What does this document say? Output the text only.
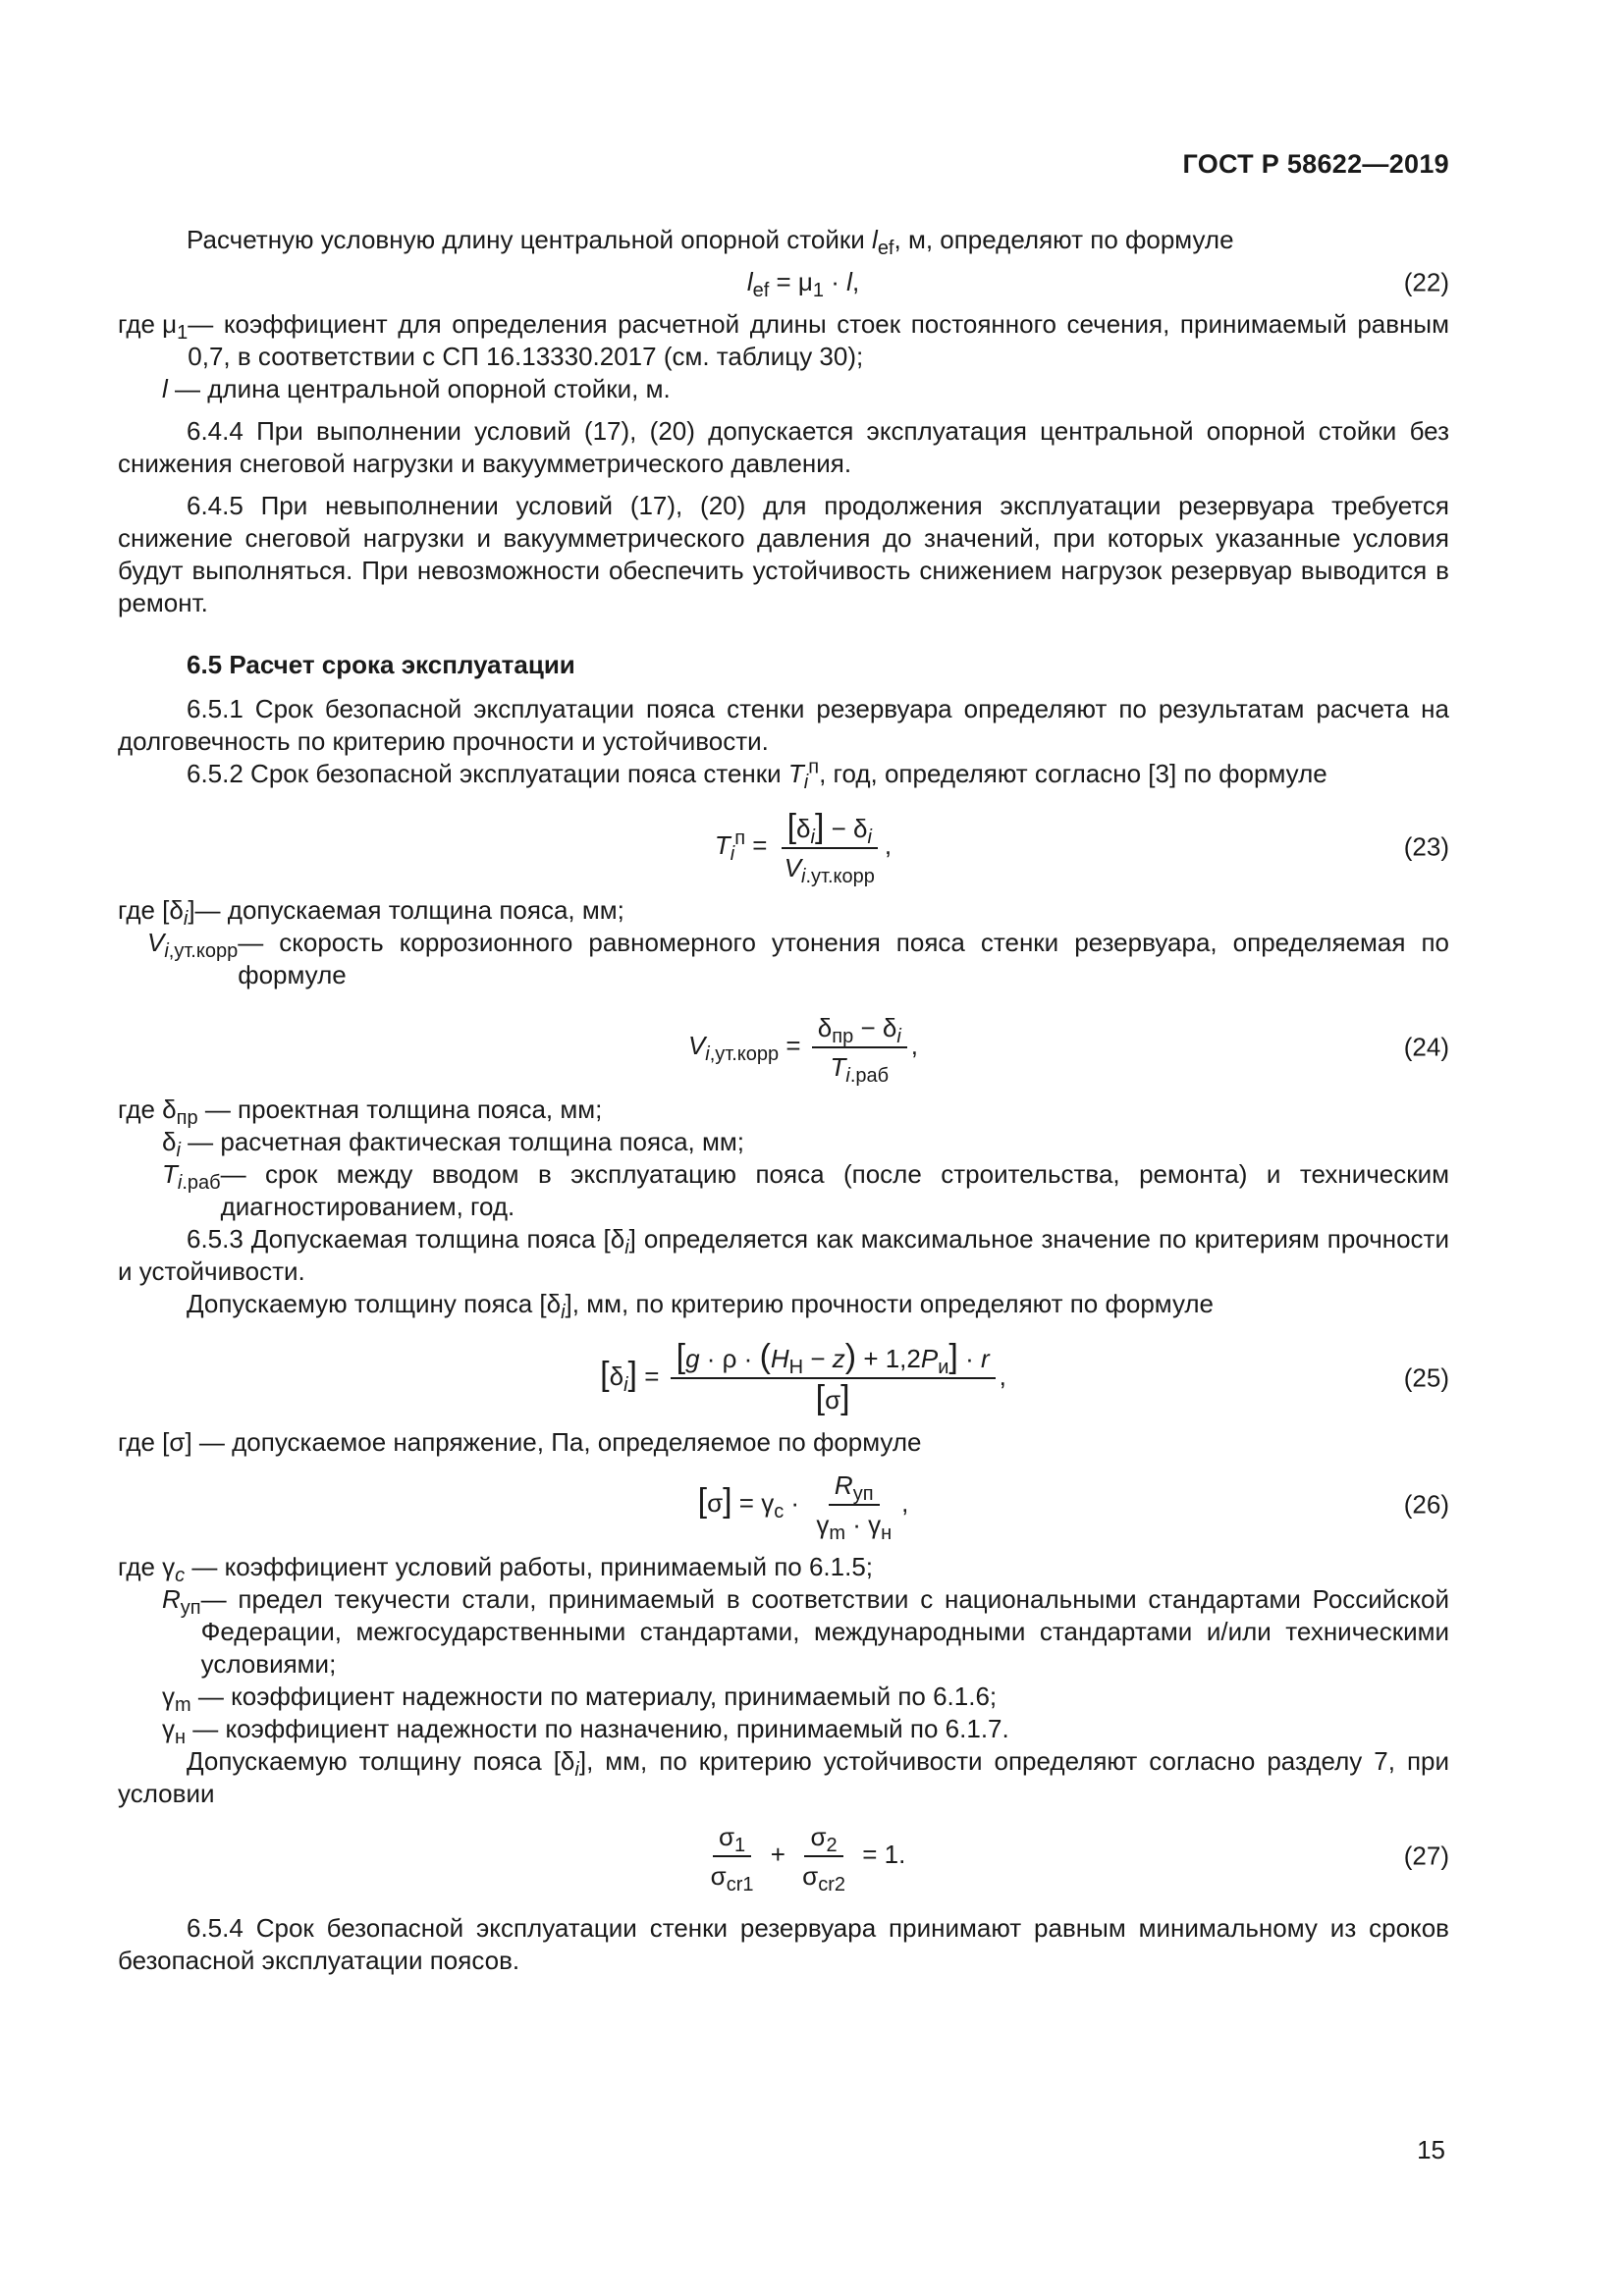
ГОСТ Р 58622—2019

Расчетную условную длину центральной опорной стойки $l_{ef}$, м, определяют по формуле

$l_{ef} = \mu_1 \cdot l$,	(22)
где $\mu_1$ — коэффициент для определения расчетной длины стоек постоянного сечения, принимаемый равным 0,7, в соответствии с СП 16.13330.2017 (см. таблицу 30);

l — длина центральной опорной стойки, м.

6.4.4 При выполнении условий (17), (20) допускается эксплуатация центральной опорной стойки без снижения снеговой нагрузки и вакуумметрического давления.

6.4.5 При невыполнении условий (17), (20) для продолжения эксплуатации резервуара требуется снижение снеговой нагрузки и вакуумметрического давления до значений, при которых указанные условия будут выполняться. При невозможности обеспечить устойчивость снижением нагрузок резервуар выводится в ремонт.

6.5 Расчет срока эксплуатации

6.5.1 Срок безопасной эксплуатации пояса стенки резервуара определяют по результатам расчета на долговечность по критерию прочности и устойчивости.

6.5.2 Срок безопасной эксплуатации пояса стенки $T_i^п$, год, определяют согласно [3] по формуле

$T_i^п = \frac{[\delta_i] - \delta_i}{V_{i.ут.корр}}$ ,	(23)

где $[\delta_i]—$ допускаемая толщина пояса, мм;

$V_{i,ут.корр}$ — скорость коррозионного равномерного утонения пояса стенки резервуара, определяемая по формуле
$V_{i,ут.корр} = \frac{\delta_{пр} - \delta_i}{T_{i.раб}}$ ,	(24)

где $\delta_{пр}$ — проектная толщина пояса, мм;

$\delta_i$ — расчетная фактическая толщина пояса, мм;

$T_{i.раб}$ — срок между вводом в эксплуатацию пояса (после строительства, ремонта) и техническим диагностированием, год.

6.5.3 Допускаемая толщина пояса $[\delta_i]$ определяется как максимальное значение по критериям прочности и устойчивости.

Допускаемую толщину пояса $[\delta_i]$, мм, по критерию прочности определяют по формуле

$[\delta_i] = \frac{[g \cdot \rho \cdot (H_Н - z) + 1,2P_и] \cdot r}{[\sigma]}$ ,	(25)

где [σ] — допускаемое напряжение, Па, определяемое по формуле

$[\sigma] = \gamma_с \cdot \frac{R_{уп}}{\gamma_m \cdot \gamma_н}$ ,	(26)

где $\gamma_c$ — коэффициент условий работы, принимаемый по 6.1.5;

$R_{уп}$ — предел текучести стали, принимаемый в соответствии с национальными стандартами Российской Федерации, межгосударственными стандартами, международными стандартами и/или техническими условиями;

$\gamma_m$ — коэффициент надежности по материалу, принимаемый по 6.1.6;

$\gamma_н$ — коэффициент надежности по назначению, принимаемый по 6.1.7.

Допускаемую толщину пояса $[\delta_i]$, мм, по критерию устойчивости определяют согласно разделу 7, при условии

$\frac{\sigma_1}{\sigma_{cr1}} + \frac{\sigma_2}{\sigma_{cr2}} = 1$.	(27)

6.5.4 Срок безопасной эксплуатации стенки резервуара принимают равным минимальному из сроков безопасной эксплуатации поясов.

15
